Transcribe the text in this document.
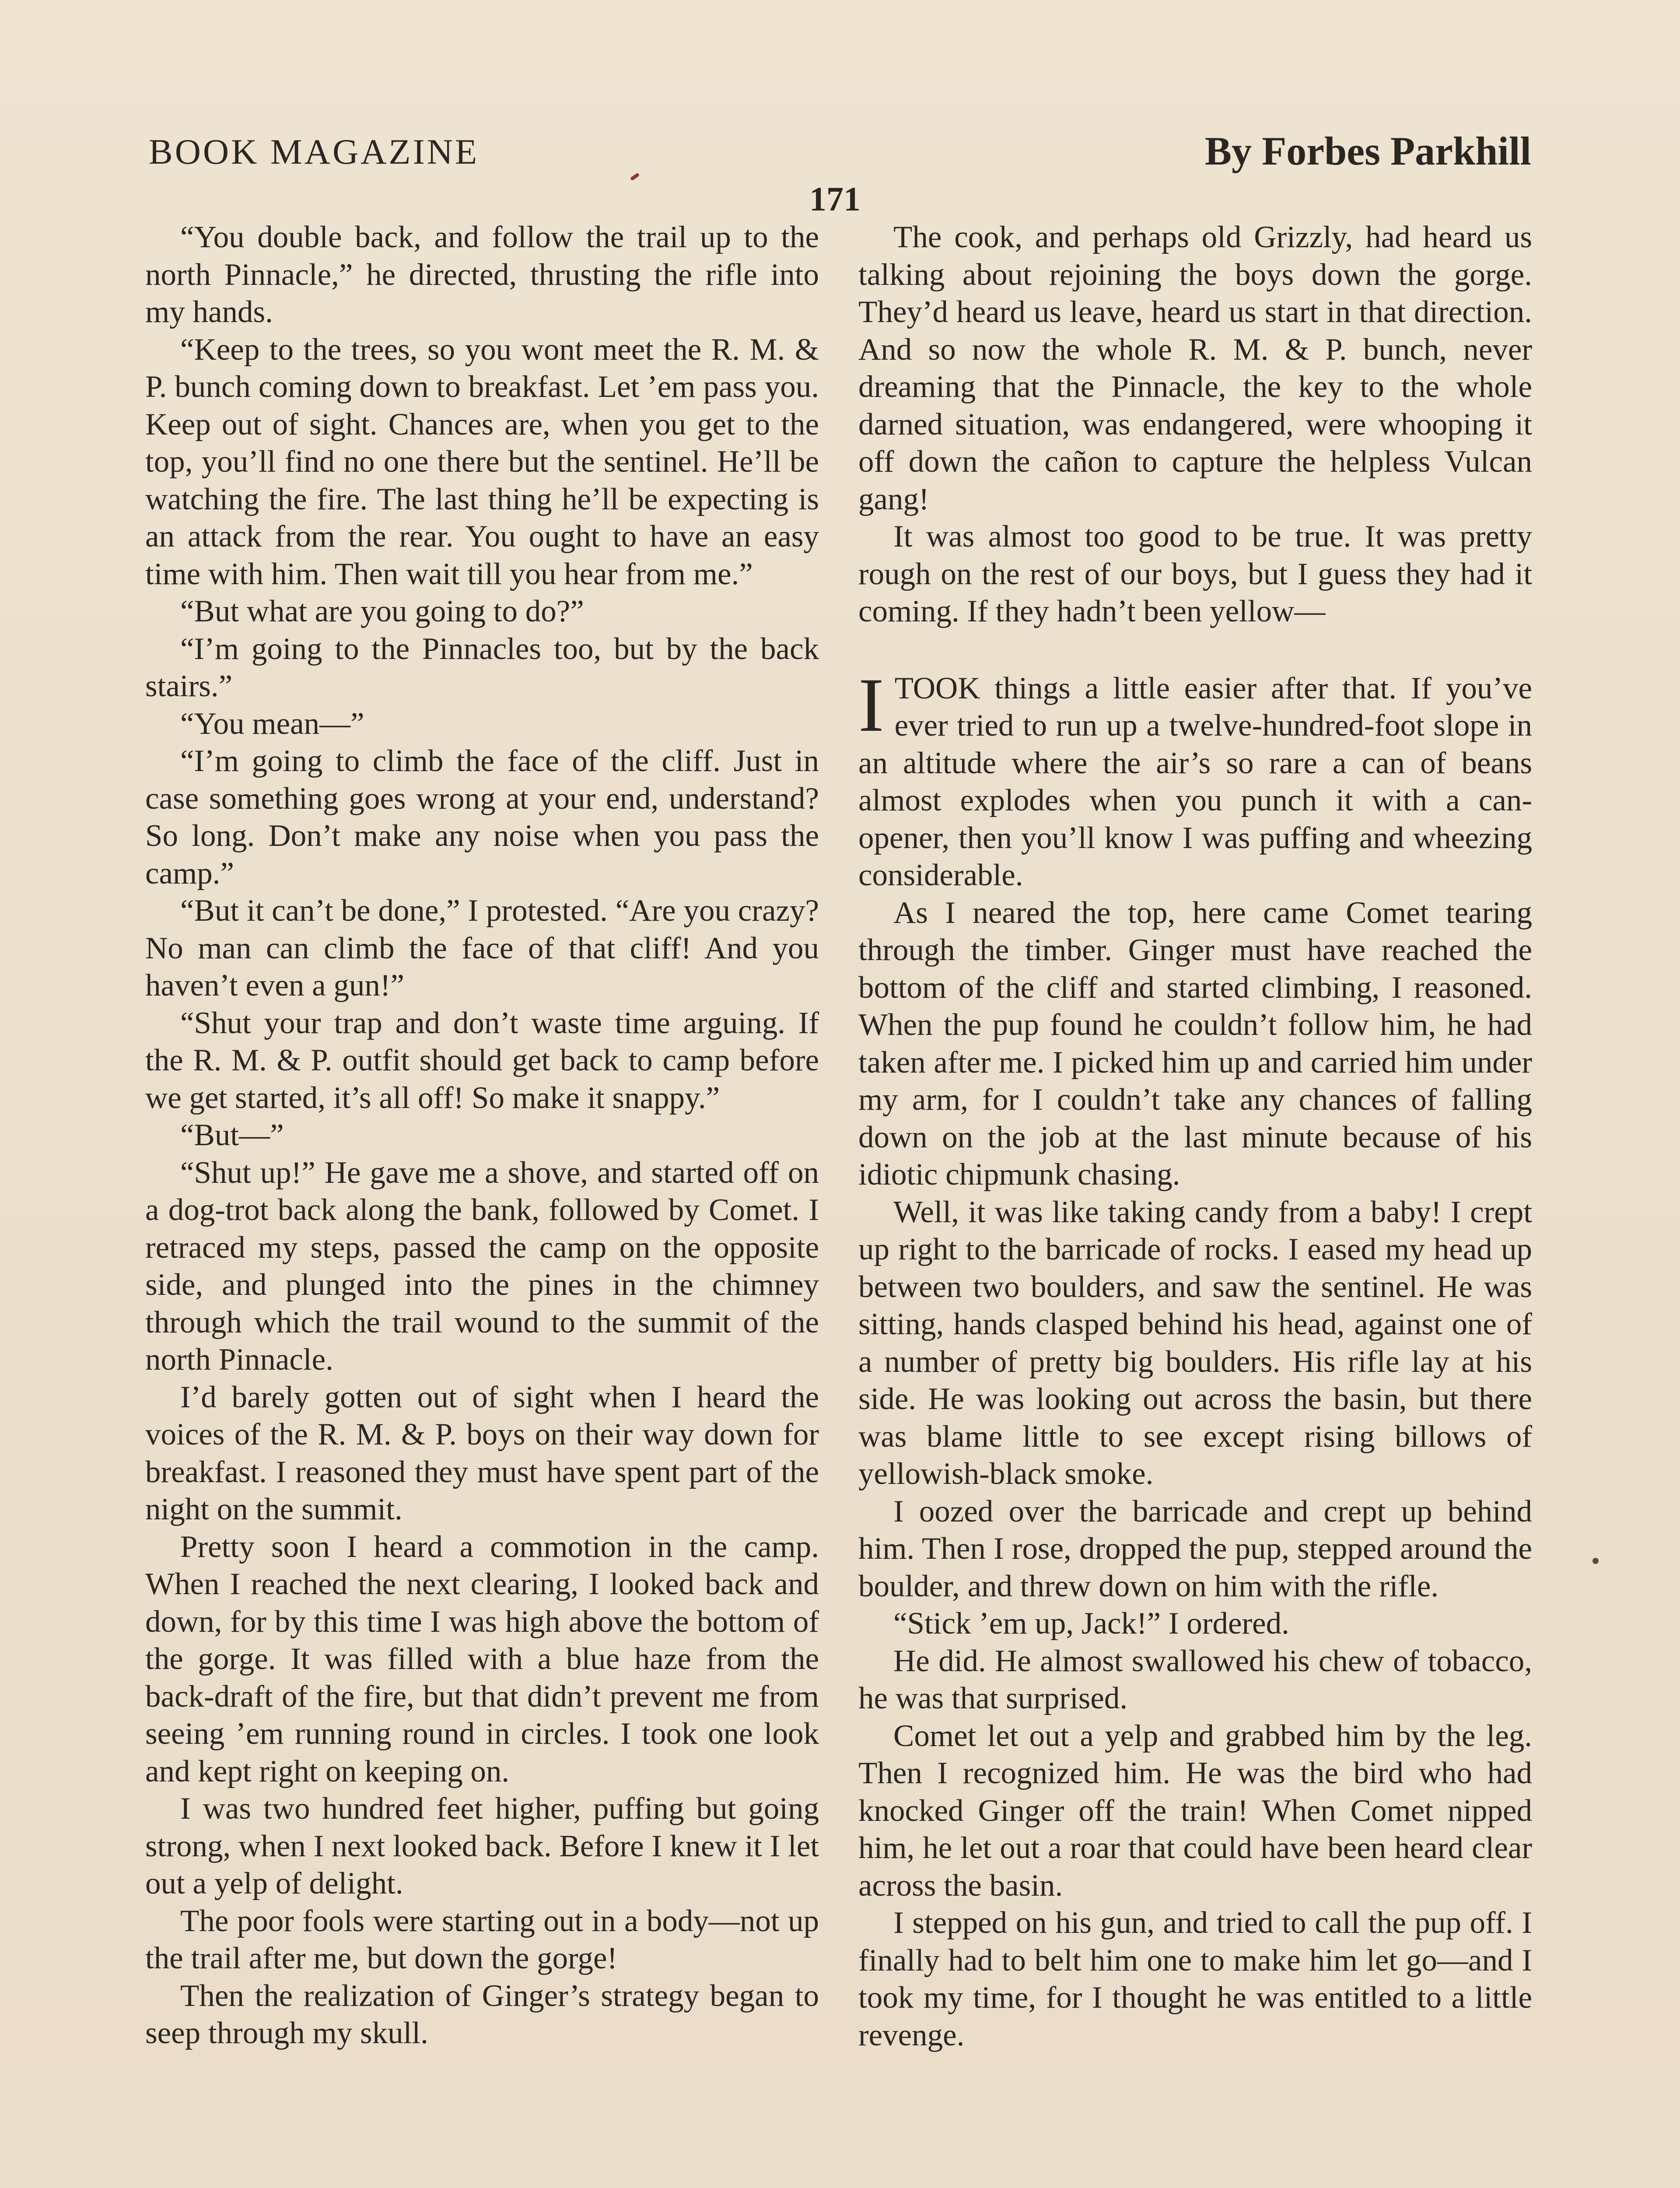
BOOK MAGAZINE	By Forbes Parkhill
171

“You double back, and follow the trail up to the north Pinnacle,” he directed, thrusting the rifle into my hands.

“Keep to the trees, so you wont meet the R. M. & P. bunch coming down to breakfast. Let ’em pass you. Keep out of sight. Chances are, when you get to the top, you’ll find no one there but the sentinel. He’ll be watching the fire. The last thing he’ll be expecting is an attack from the rear. You ought to have an easy time with him. Then wait till you hear from me.”

“But what are you going to do?”

“I’m going to the Pinnacles too, but by the back stairs.”

“You mean—”

“I’m going to climb the face of the cliff. Just in case something goes wrong at your end, understand? So long. Don’t make any noise when you pass the camp.”

“But it can’t be done,” I protested. “Are you crazy? No man can climb the face of that cliff! And you haven’t even a gun!”

“Shut your trap and don’t waste time arguing. If the R. M. & P. outfit should get back to camp before we get started, it’s all off! So make it snappy.”

“But—”

“Shut up!” He gave me a shove, and started off on a dog-trot back along the bank, followed by Comet. I retraced my steps, passed the camp on the opposite side, and plunged into the pines in the chimney through which the trail wound to the summit of the north Pinnacle.

I’d barely gotten out of sight when I heard the voices of the R. M. & P. boys on their way down for breakfast. I reasoned they must have spent part of the night on the summit.

Pretty soon I heard a commotion in the camp. When I reached the next clearing, I looked back and down, for by this time I was high above the bottom of the gorge. It was filled with a blue haze from the back-draft of the fire, but that didn’t prevent me from seeing ’em running round in circles. I took one look and kept right on keeping on.

I was two hundred feet higher, puffing but going strong, when I next looked back. Before I knew it I let out a yelp of delight.

The poor fools were starting out in a body—not up the trail after me, but down the gorge!

Then the realization of Ginger’s strategy began to seep through my skull.

The cook, and perhaps old Grizzly, had heard us talking about rejoining the boys down the gorge. They’d heard us leave, heard us start in that direction. And so now the whole R. M. & P. bunch, never dreaming that the Pinnacle, the key to the whole darned situation, was endangered, were whooping it off down the cañon to capture the helpless Vulcan gang!

It was almost too good to be true. It was pretty rough on the rest of our boys, but I guess they had it coming. If they hadn’t been yellow—

ITOOK things a little easier after that. If you’ve ever tried to run up a twelve-hundred-foot slope in an altitude where the air’s so rare a can of beans almost explodes when you punch it with a can-opener, then you’ll know I was puffing and wheezing considerable.

As I neared the top, here came Comet tearing through the timber. Ginger must have reached the bottom of the cliff and started climbing, I reasoned. When the pup found he couldn’t follow him, he had taken after me. I picked him up and carried him under my arm, for I couldn’t take any chances of falling down on the job at the last minute because of his idiotic chipmunk chasing.

Well, it was like taking candy from a baby! I crept up right to the barricade of rocks. I eased my head up between two boulders, and saw the sentinel. He was sitting, hands clasped behind his head, against one of a number of pretty big boulders. His rifle lay at his side. He was looking out across the basin, but there was blame little to see except rising billows of yellowish-black smoke.

I oozed over the barricade and crept up behind him. Then I rose, dropped the pup, stepped around the boulder, and threw down on him with the rifle.

“Stick ’em up, Jack!” I ordered.

He did. He almost swallowed his chew of tobacco, he was that surprised.

Comet let out a yelp and grabbed him by the leg. Then I recognized him. He was the bird who had knocked Ginger off the train! When Comet nipped him, he let out a roar that could have been heard clear across the basin.

I stepped on his gun, and tried to call the pup off. I finally had to belt him one to make him let go—and I took my time, for I thought he was entitled to a little revenge.
